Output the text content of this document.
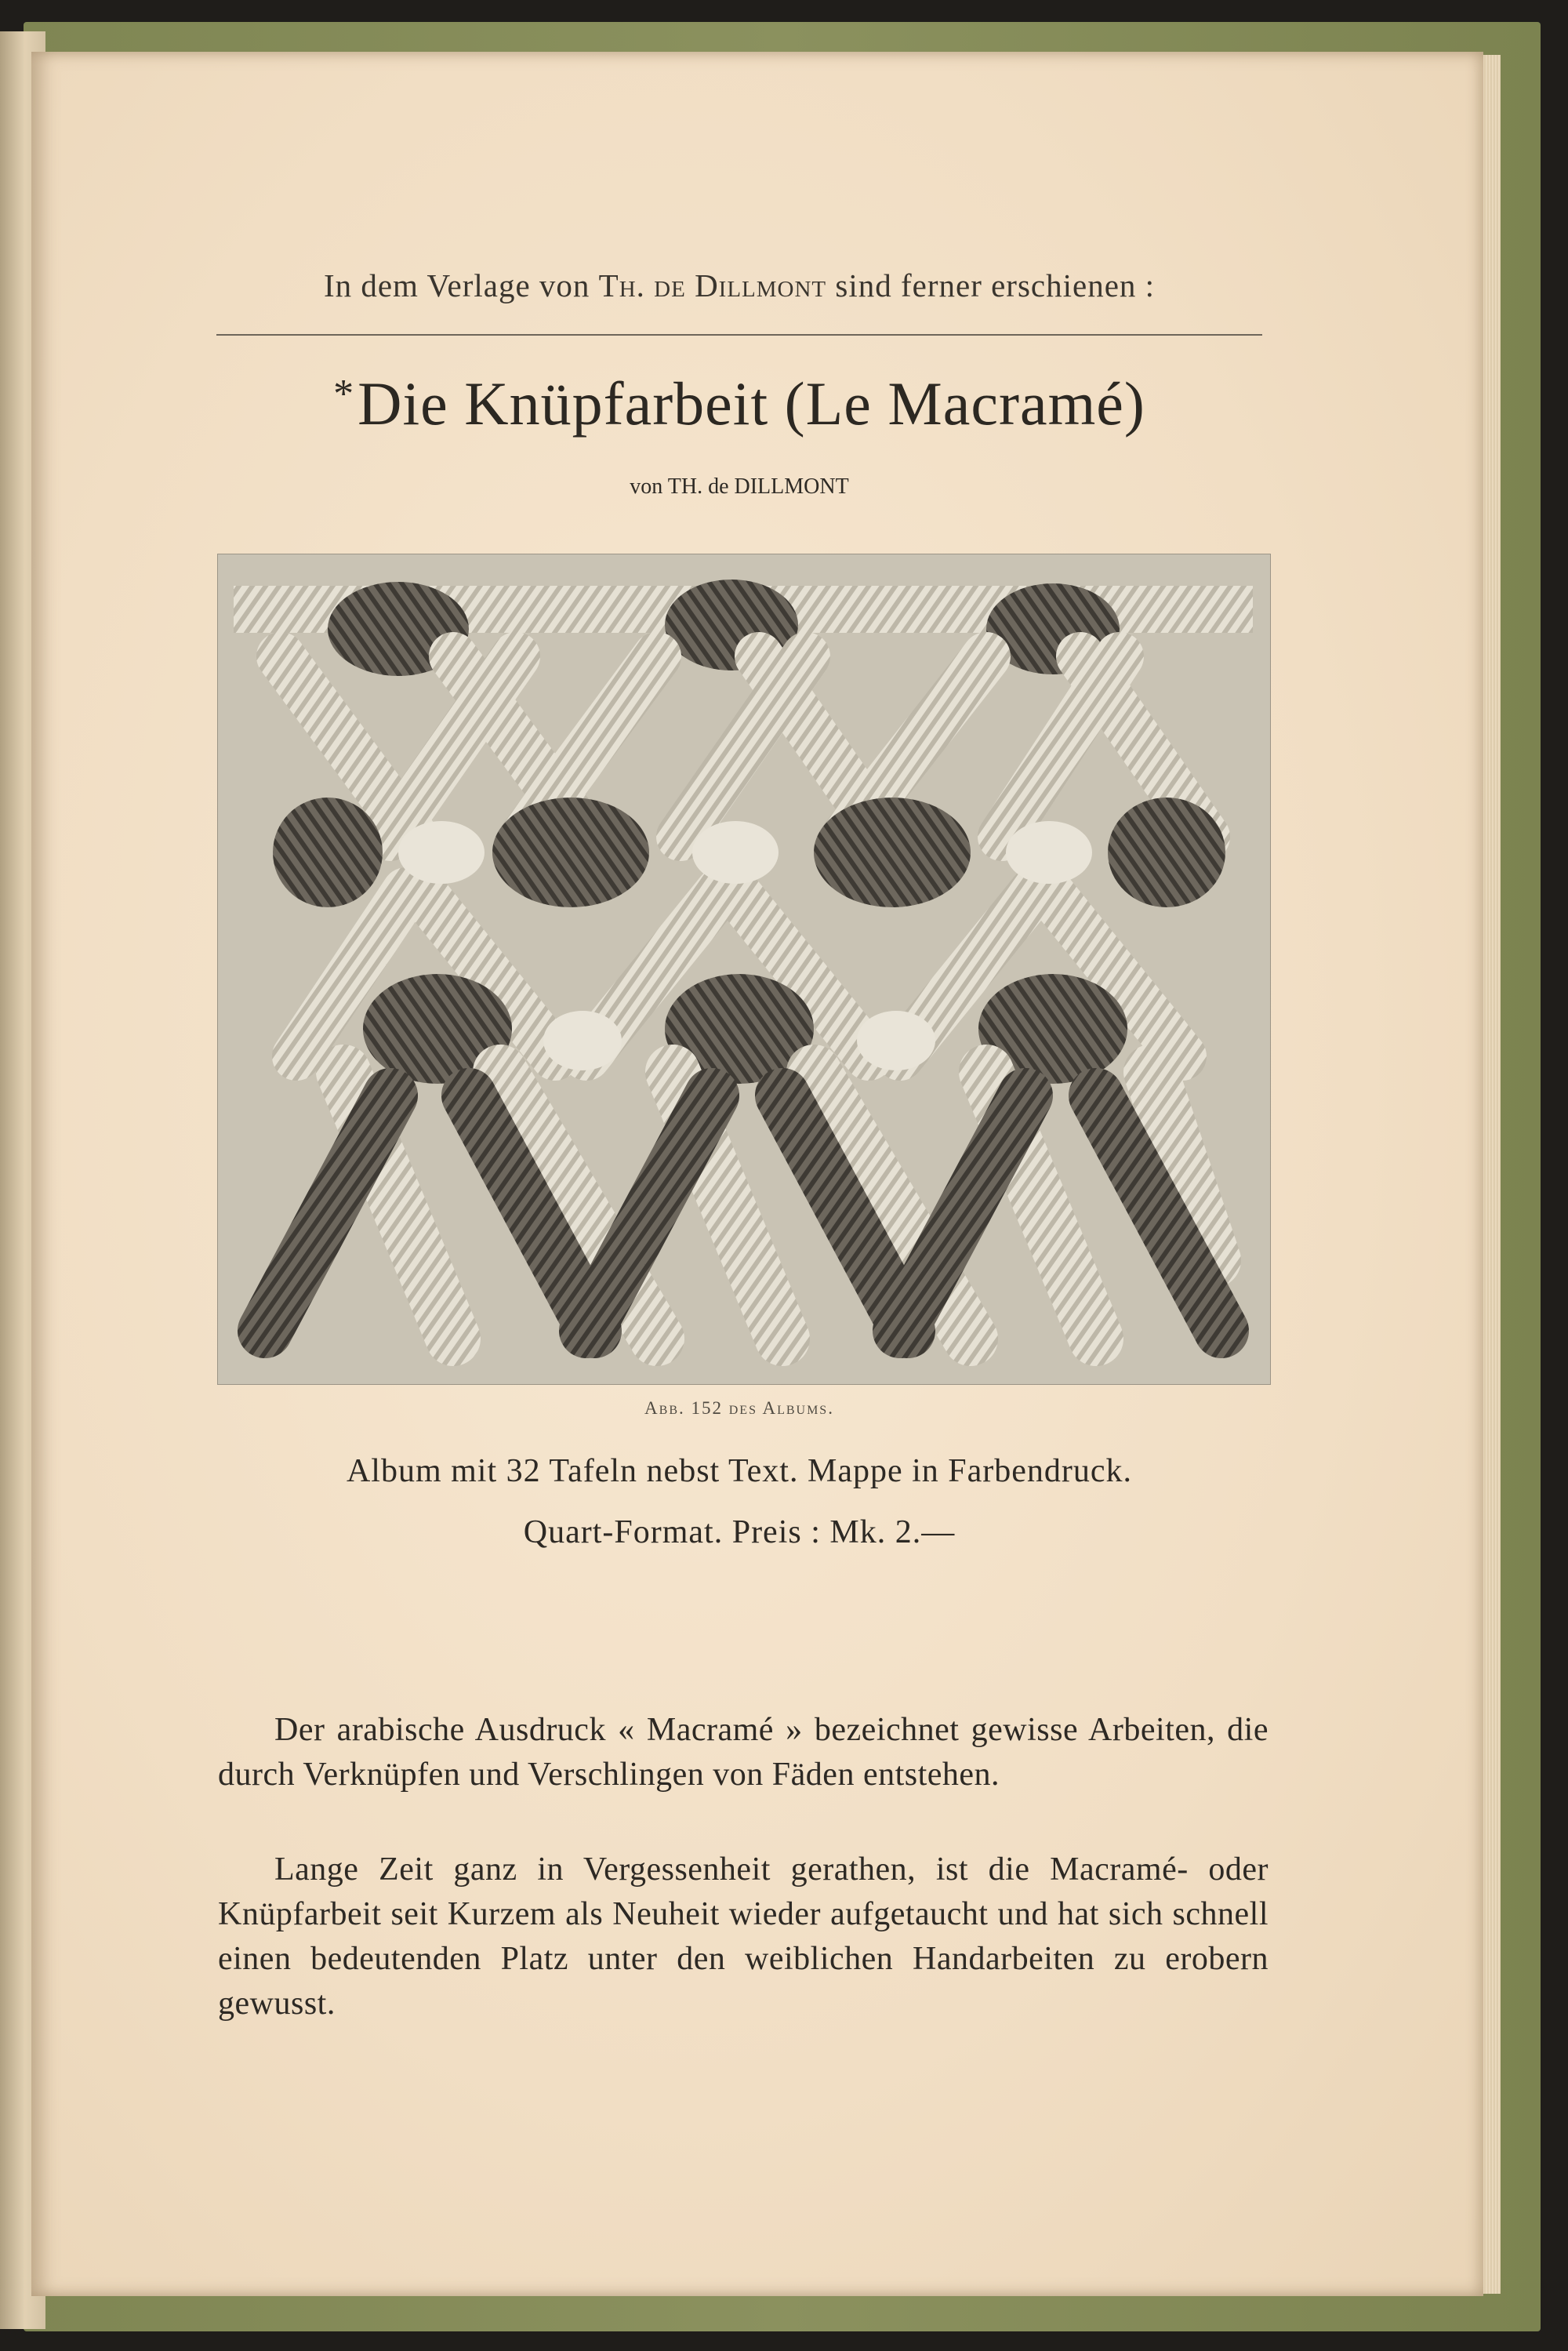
In dem Verlage von Th. de Dillmont sind ferner erschienen :
*Die Knüpfarbeit (Le Macramé)
von TH. de DILLMONT
Abb. 152 des Albums.
Album mit 32 Tafeln nebst Text. Mappe in Farbendruck.
Quart-Format. Preis : Mk. 2.—
Der arabische Ausdruck « Macramé » bezeichnet gewisse Arbeiten, die durch Verknüpfen und Verschlingen von Fäden entstehen.
Lange Zeit ganz in Vergessenheit gerathen, ist die Macramé- oder Knüpfarbeit seit Kurzem als Neuheit wieder aufgetaucht und hat sich schnell einen bedeutenden Platz unter den weiblichen Handarbeiten zu erobern gewusst.
